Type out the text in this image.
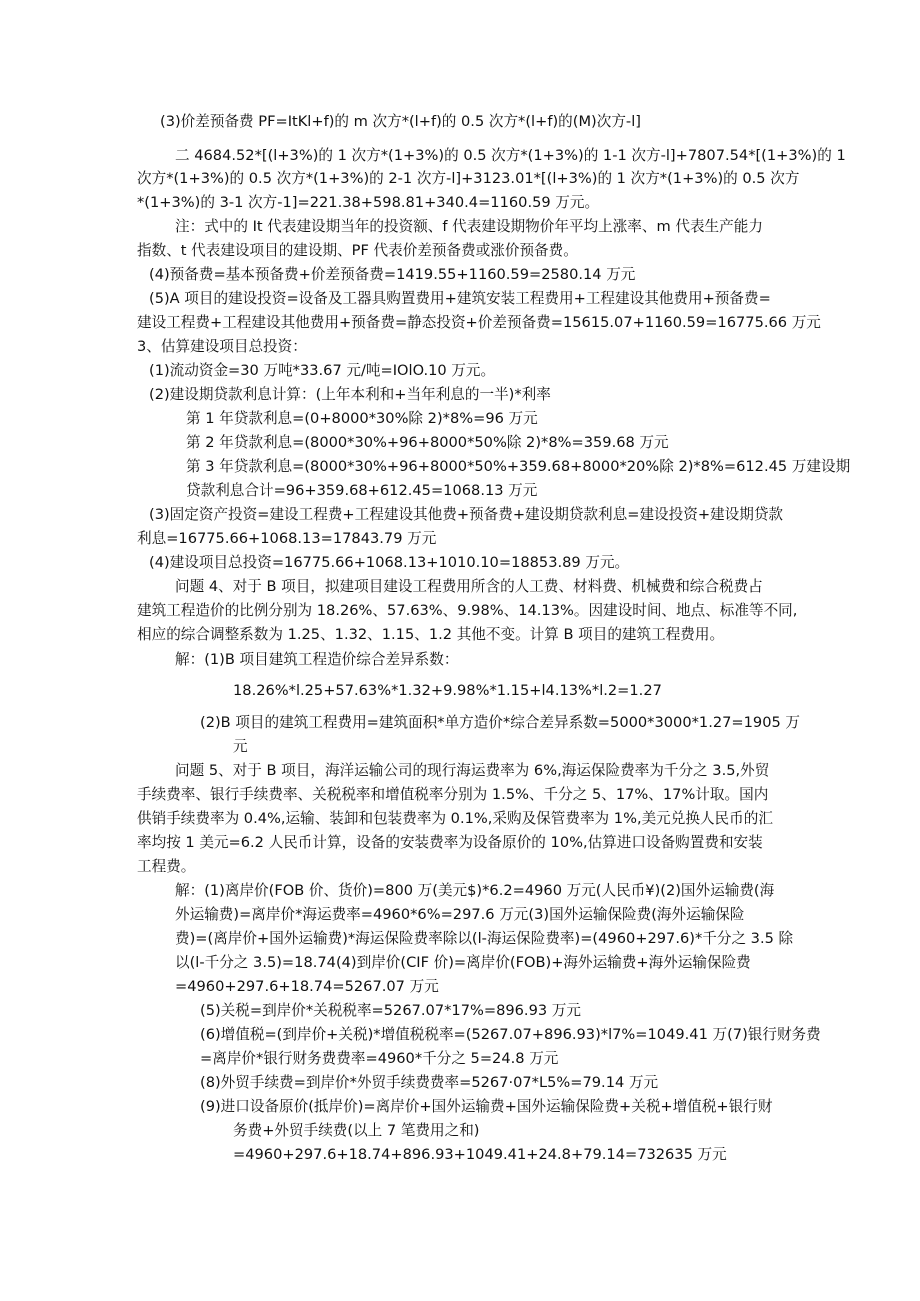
(3)价差预备费 PF=ItKl+f)的 m 次方*(l+f)的 0.5 次方*(l+f)的(M)次方-l]
二 4684.52*[(l+3%)的 1 次方*(1+3%)的 0.5 次方*(1+3%)的 1-1 次方-l]+7807.54*[(1+3%)的 1
次方*(1+3%)的 0.5 次方*(1+3%)的 2-1 次方-l]+3123.01*[(l+3%)的 1 次方*(1+3%)的 0.5 次方
*(1+3%)的 3-1 次方-1]=221.38+598.81+340.4=1160.59 万元。
注：式中的 It 代表建设期当年的投资额、f 代表建设期物价年平均上涨率、m 代表生产能力
指数、t 代表建设项目的建设期、PF 代表价差预备费或涨价预备费。
(4)预备费=基本预备费+价差预备费=1419.55+1160.59=2580.14 万元
(5)A 项目的建设投资=设备及工器具购置费用+建筑安装工程费用+工程建设其他费用+预备费=
建设工程费+工程建设其他费用+预备费=静态投资+价差预备费=15615.07+1160.59=16775.66 万元
3、估算建设项目总投资：
(1)流动资金=30 万吨*33.67 元/吨=IOlO.10 万元。
(2)建设期贷款利息计算：(上年本利和+当年利息的一半)*利率
第 1 年贷款利息=(0+8000*30%除 2)*8%=96 万元
第 2 年贷款利息=(8000*30%+96+8000*50%除 2)*8%=359.68 万元
第 3 年贷款利息=(8000*30%+96+8000*50%+359.68+8000*20%除 2)*8%=612.45 万建设期
贷款利息合计=96+359.68+612.45=1068.13 万元
(3)固定资产投资=建设工程费+工程建设其他费+预备费+建设期贷款利息=建设投资+建设期贷款
利息=16775.66+1068.13=17843.79 万元
(4)建设项目总投资=16775.66+1068.13+1010.10=18853.89 万元。
问题 4、对于 B 项目，拟建项目建设工程费用所含的人工费、材料费、机械费和综合税费占
建筑工程造价的比例分别为 18.26%、57.63%、9.98%、14.13%。因建设时间、地点、标准等不同,
相应的综合调整系数为 1.25、1.32、1.15、1.2 其他不变。计算 B 项目的建筑工程费用。
解：(1)B 项目建筑工程造价综合差异系数：
18.26%*l.25+57.63%*1.32+9.98%*1.15+l4.13%*l.2=1.27
(2)B 项目的建筑工程费用=建筑面积*单方造价*综合差异系数=5000*3000*1.27=1905 万
元
问题 5、对于 B 项目，海洋运输公司的现行海运费率为 6%,海运保险费率为千分之 3.5,外贸
手续费率、银行手续费率、关税税率和增值税率分别为 1.5%、千分之 5、17%、17%计取。国内
供销手续费率为 0.4%,运输、装卸和包装费率为 0.1%,采购及保管费率为 1%,美元兑换人民币的汇
率均按 1 美元=6.2 人民币计算，设备的安装费率为设备原价的 10%,估算进口设备购置费和安装
工程费。
解：(1)离岸价(FOB 价、货价)=800 万(美元$)*6.2=4960 万元(人民币¥)(2)国外运输费(海
外运输费)=离岸价*海运费率=4960*6%=297.6 万元(3)国外运输保险费(海外运输保险
费)=(离岸价+国外运输费)*海运保险费率除以(l-海运保险费率)=(4960+297.6)*千分之 3.5 除
以(l-千分之 3.5)=18.74(4)到岸价(CIF 价)=离岸价(FOB)+海外运输费+海外运输保险费
=4960+297.6+18.74=5267.07 万元
(5)关税=到岸价*关税税率=5267.07*17%=896.93 万元
(6)增值税=(到岸价+关税)*增值税税率=(5267.07+896.93)*l7%=1049.41 万(7)银行财务费
=离岸价*银行财务费费率=4960*千分之 5=24.8 万元
(8)外贸手续费=到岸价*外贸手续费费率=5267·07*L5%=79.14 万元
(9)进口设备原价(抵岸价)=离岸价+国外运输费+国外运输保险费+关税+增值税+银行财
务费+外贸手续费(以上 7 笔费用之和)
=4960+297.6+18.74+896.93+1049.41+24.8+79.14=732635 万元
